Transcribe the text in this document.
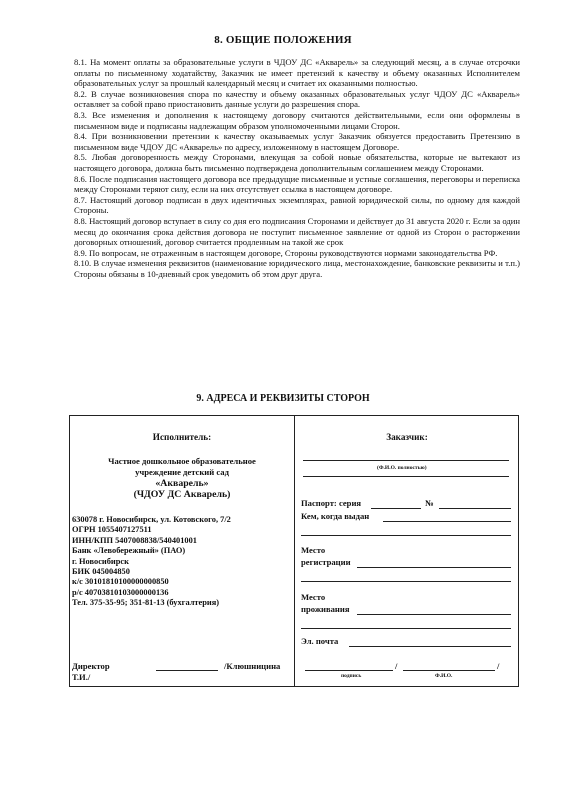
8. ОБЩИЕ ПОЛОЖЕНИЯ

8.1. На момент оплаты за образовательные услуги в ЧДОУ ДС «Акварель» за следующий месяц, а в случае отсрочки оплаты по письменному ходатайству, Заказчик не имеет претензий к качеству и объему оказанных Исполнителем образовательных услуг за прошлый календарный месяц и считает их оказанными полностью.

8.2. В случае возникновения спора по качеству и объему оказанных образовательных услуг ЧДОУ ДС «Акварель» оставляет за собой право приостановить данные услуги до разрешения спора.

8.3. Все изменения и дополнения к настоящему договору считаются действительными, если они оформлены в письменном виде и подписаны надлежащим образом уполномоченными лицами Сторон.

8.4. При возникновении претензии к качеству оказываемых услуг Заказчик обязуется предоставить Претензию в письменном виде ЧДОУ ДС «Акварель» по адресу, изложенному в настоящем Договоре.

8.5. Любая договоренность между Сторонами, влекущая за собой новые обязательства, которые не вытекают из настоящего договора, должна быть письменно подтверждена дополнительным соглашением между Сторонами.

8.6. После подписания настоящего договора все предыдущие письменные и устные соглашения, переговоры и переписка между Сторонами теряют силу, если на них отсутствует ссылка в настоящем договоре.

8.7. Настоящий договор подписан в двух идентичных экземплярах, равной юридической силы, по одному для каждой Стороны.

8.8. Настоящий договор вступает в силу со дня его подписания Сторонами и действует до 31 августа 2020 г. Если за один месяц до окончания срока действия договора не поступит письменное заявление от одной из Сторон о расторжении договорных отношений, договор считается продленным на такой же срок

8.9. По вопросам, не отраженным в настоящем договоре, Стороны руководствуются нормами законодательства РФ.

8.10. В случае изменения реквизитов (наименование юридического лица, местонахождение, банковские реквизиты и т.п.) Стороны обязаны в 10-дневный срок уведомить об этом друг друга.

9. АДРЕСА И РЕКВИЗИТЫ СТОРОН
Исполнитель:
Частное дошкольное образовательное
учреждение детский сад
«Акварель»
(ЧДОУ ДС Акварель)
630078 г. Новосибирск, ул. Котовского, 7/2
ОГРН 1055407127511
ИНН/КПП 5407008838/540401001
Банк «Левобережный» (ПАО)
г. Новосибирск
БИК 045004850
к/с 30101810100000000850
р/с 40703810103000000136
Тел. 375-35-95; 351-81-13 (бухгалтерия)
Директор	/Клюшницина
Т.И./
Заказчик:
(Ф.И.О. полностью)
Паспорт: серия	№
Кем, когда выдан
Место
регистрации
Место
проживания
Эл. почта
/	/
подпись	Ф.И.О.
